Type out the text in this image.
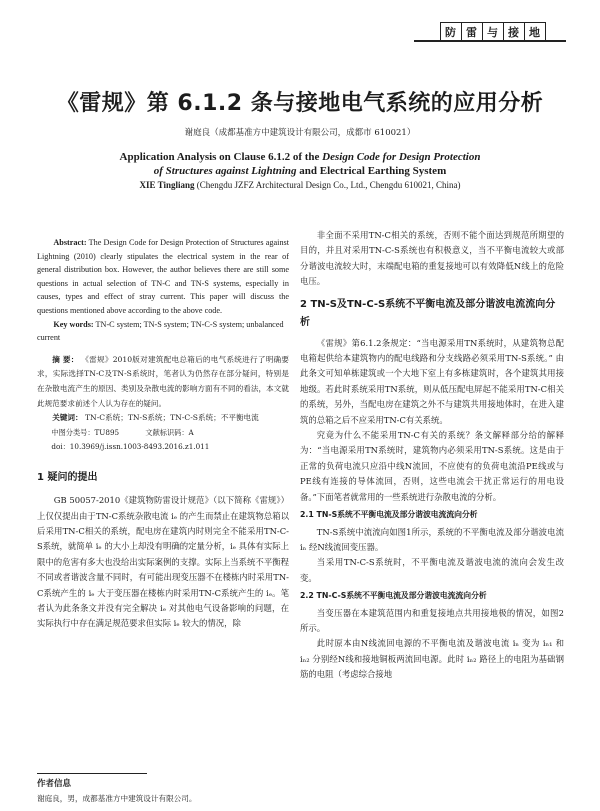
防 雷 与 接 地
《雷规》第 6.1.2 条与接地电气系统的应用分析
谢庭良（成都基准方中建筑设计有限公司，成都市 610021）
Application Analysis on Clause 6.1.2 of the Design Code for Design Protection
of Structures against Lightning and Electrical Earthing System
XIE Tingliang (Chengdu JZFZ Architectural Design Co., Ltd., Chengdu 610021, China)

Abstract: The Design Code for Design Protection of Structures against Lightning (2010) clearly stipulates the electrical system in the rear of general distribution box. However, the author believes there are still some questions in actual selection of TN-C and TN-S systems, especially in causes, types and effect of stray current. This paper will discuss the questions mentioned above according to the above code.

Key words: TN-C system; TN-S system; TN-C-S system; unbalanced current

摘 要： 《雷规》2010版对建筑配电总箱后的电气系统进行了明确要求，实际选择TN-C及TN-S系统时，笔者认为仍然存在部分疑问，特别是在杂散电流产生的原因、类别及杂散电流的影响方面有不同的看法，本文就此规范要求前述个人认为存在的疑问。

关键词： TN-C系统；TN-S系统；TN-C-S系统；不平衡电流

中图分类号：TU895	文献标识码：A

doi：10.3969/j.issn.1003-8493.2016.z1.011

1 疑问的提出

GB 50057-2010《建筑物防雷设计规范》（以下简称《雷规》）上仅仅提出由于TN-C系统杂散电流 iₑ 的产生而禁止在建筑物总箱以后采用TN-C相关的系统，配电房在建筑内时则完全不能采用TN-C-S系统，就简单 iₑ 的大小上却没有明确的定量分析，iₑ 具体有实际上限中的危害有多大也没给出实际案例的支撑。实际上当系统不平衡程不同或者谐波含量不同时，有可能出现变压器不在楼栋内时采用TN-C系统产生的 iₑ 大于变压器在楼栋内时采用TN-C系统产生的 iₑ。笔者认为此条条文并没有完全解决 iₑ 对其他电气设备影响的问题，在实际执行中存在满足规范要求但实际 iₑ 较大的情况，除

非全面不采用TN-C相关的系统，否则不能个面达到规范所期望的目的，并且对采用TN-C-S系统也有积极意义，当不平衡电流较大或部分谐波电流较大时，末端配电箱的重复接地可以有效降低N线上的危险电压。

2 TN-S及TN-C-S系统不平衡电流及部分谐波电流流向分析

《雷规》第6.1.2条规定：“当电源采用TN系统时，从建筑物总配电箱起供给本建筑物内的配电线路和分支线路必须采用TN-S系统。” 由此条文可知单栋建筑或一个大地下室上有多栋建筑时，各个建筑其用接地级。若此时系统采用TN系统，则从低压配电屏起不能采用TN-C相关的系统，另外，当配电房在建筑之外不与建筑共用接地体时，在进入建筑的总箱之后不应采用TN-C有关系统。

究竟为什么不能采用TN-C有关的系统？条文解释部分给的解释为：“当电源采用TN系统时，建筑物内必须采用TN-S系统。这是由于正常的负荷电流只应沿中线N流回，不应使有的负荷电流沿PE线或与PE线有连接的导体流回，否则，这些电流会干扰正常运行的用电设备。”下面笔者就常用的一些系统进行杂散电流的分析。

2.1 TN-S系统不平衡电流及部分谐波电流流向分析

TN-S系统中流流向如图1所示，系统的不平衡电流及部分谐波电流 iₙ 经N线流回变压器。

当采用TN-C-S系统时，不平衡电流及谐波电流的流向会发生改变。

2.2 TN-C-S系统不平衡电流及部分谐波电流流向分析

当变压器在本建筑范围内和重复接地点共用接地极的情况，如图2所示。

此时原本由N线流回电源的不平衡电流及谐波电流 iₙ 变为 iₙ₁ 和 iₙ₂ 分别经N线和接地铜板两流回电源。此时 iₙ₂ 路径上的电阻为基础钢筋的电阻（考虑综合接地

作者信息
谢庭良，男，成都基准方中建筑设计有限公司。
